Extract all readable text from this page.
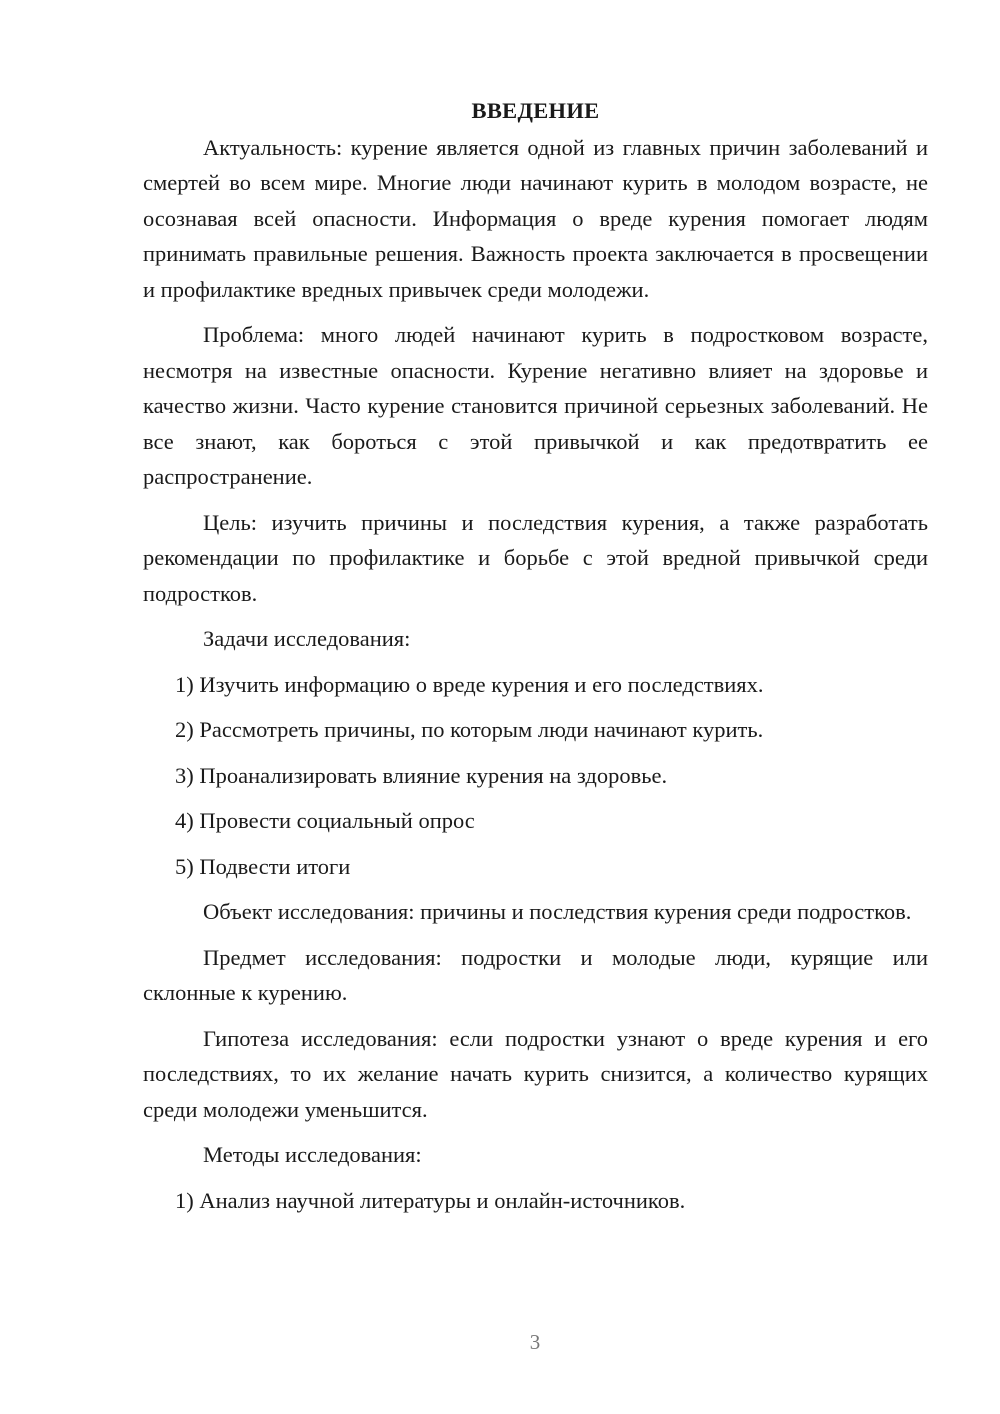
ВВЕДЕНИЕ

Актуальность: курение является одной из главных причин заболеваний и смертей во всем мире. Многие люди начинают курить в молодом возрасте, не осознавая всей опасности. Информация о вреде курения помогает людям принимать правильные решения. Важность проекта заключается в просвещении и профилактике вредных привычек среди молодежи.

Проблема: много людей начинают курить в подростковом возрасте, несмотря на известные опасности. Курение негативно влияет на здоровье и качество жизни. Часто курение становится причиной серьезных заболеваний. Не все знают, как бороться с этой привычкой и как предотвратить ее распространение.

Цель: изучить причины и последствия курения, а также разработать рекомендации по профилактике и борьбе с этой вредной привычкой среди подростков.

Задачи исследования:

1) Изучить информацию о вреде курения и его последствиях.
2) Рассмотреть причины, по которым люди начинают курить.
3) Проанализировать влияние курения на здоровье.
4) Провести социальный опрос
5) Подвести итоги

Объект исследования: причины и последствия курения среди подростков.

Предмет исследования: подростки и молодые люди, курящие или склонные к курению.

Гипотеза исследования: если подростки узнают о вреде курения и его последствиях, то их желание начать курить снизится, а количество курящих среди молодежи уменьшится.

Методы исследования:

1) Анализ научной литературы и онлайн-источников.
3
